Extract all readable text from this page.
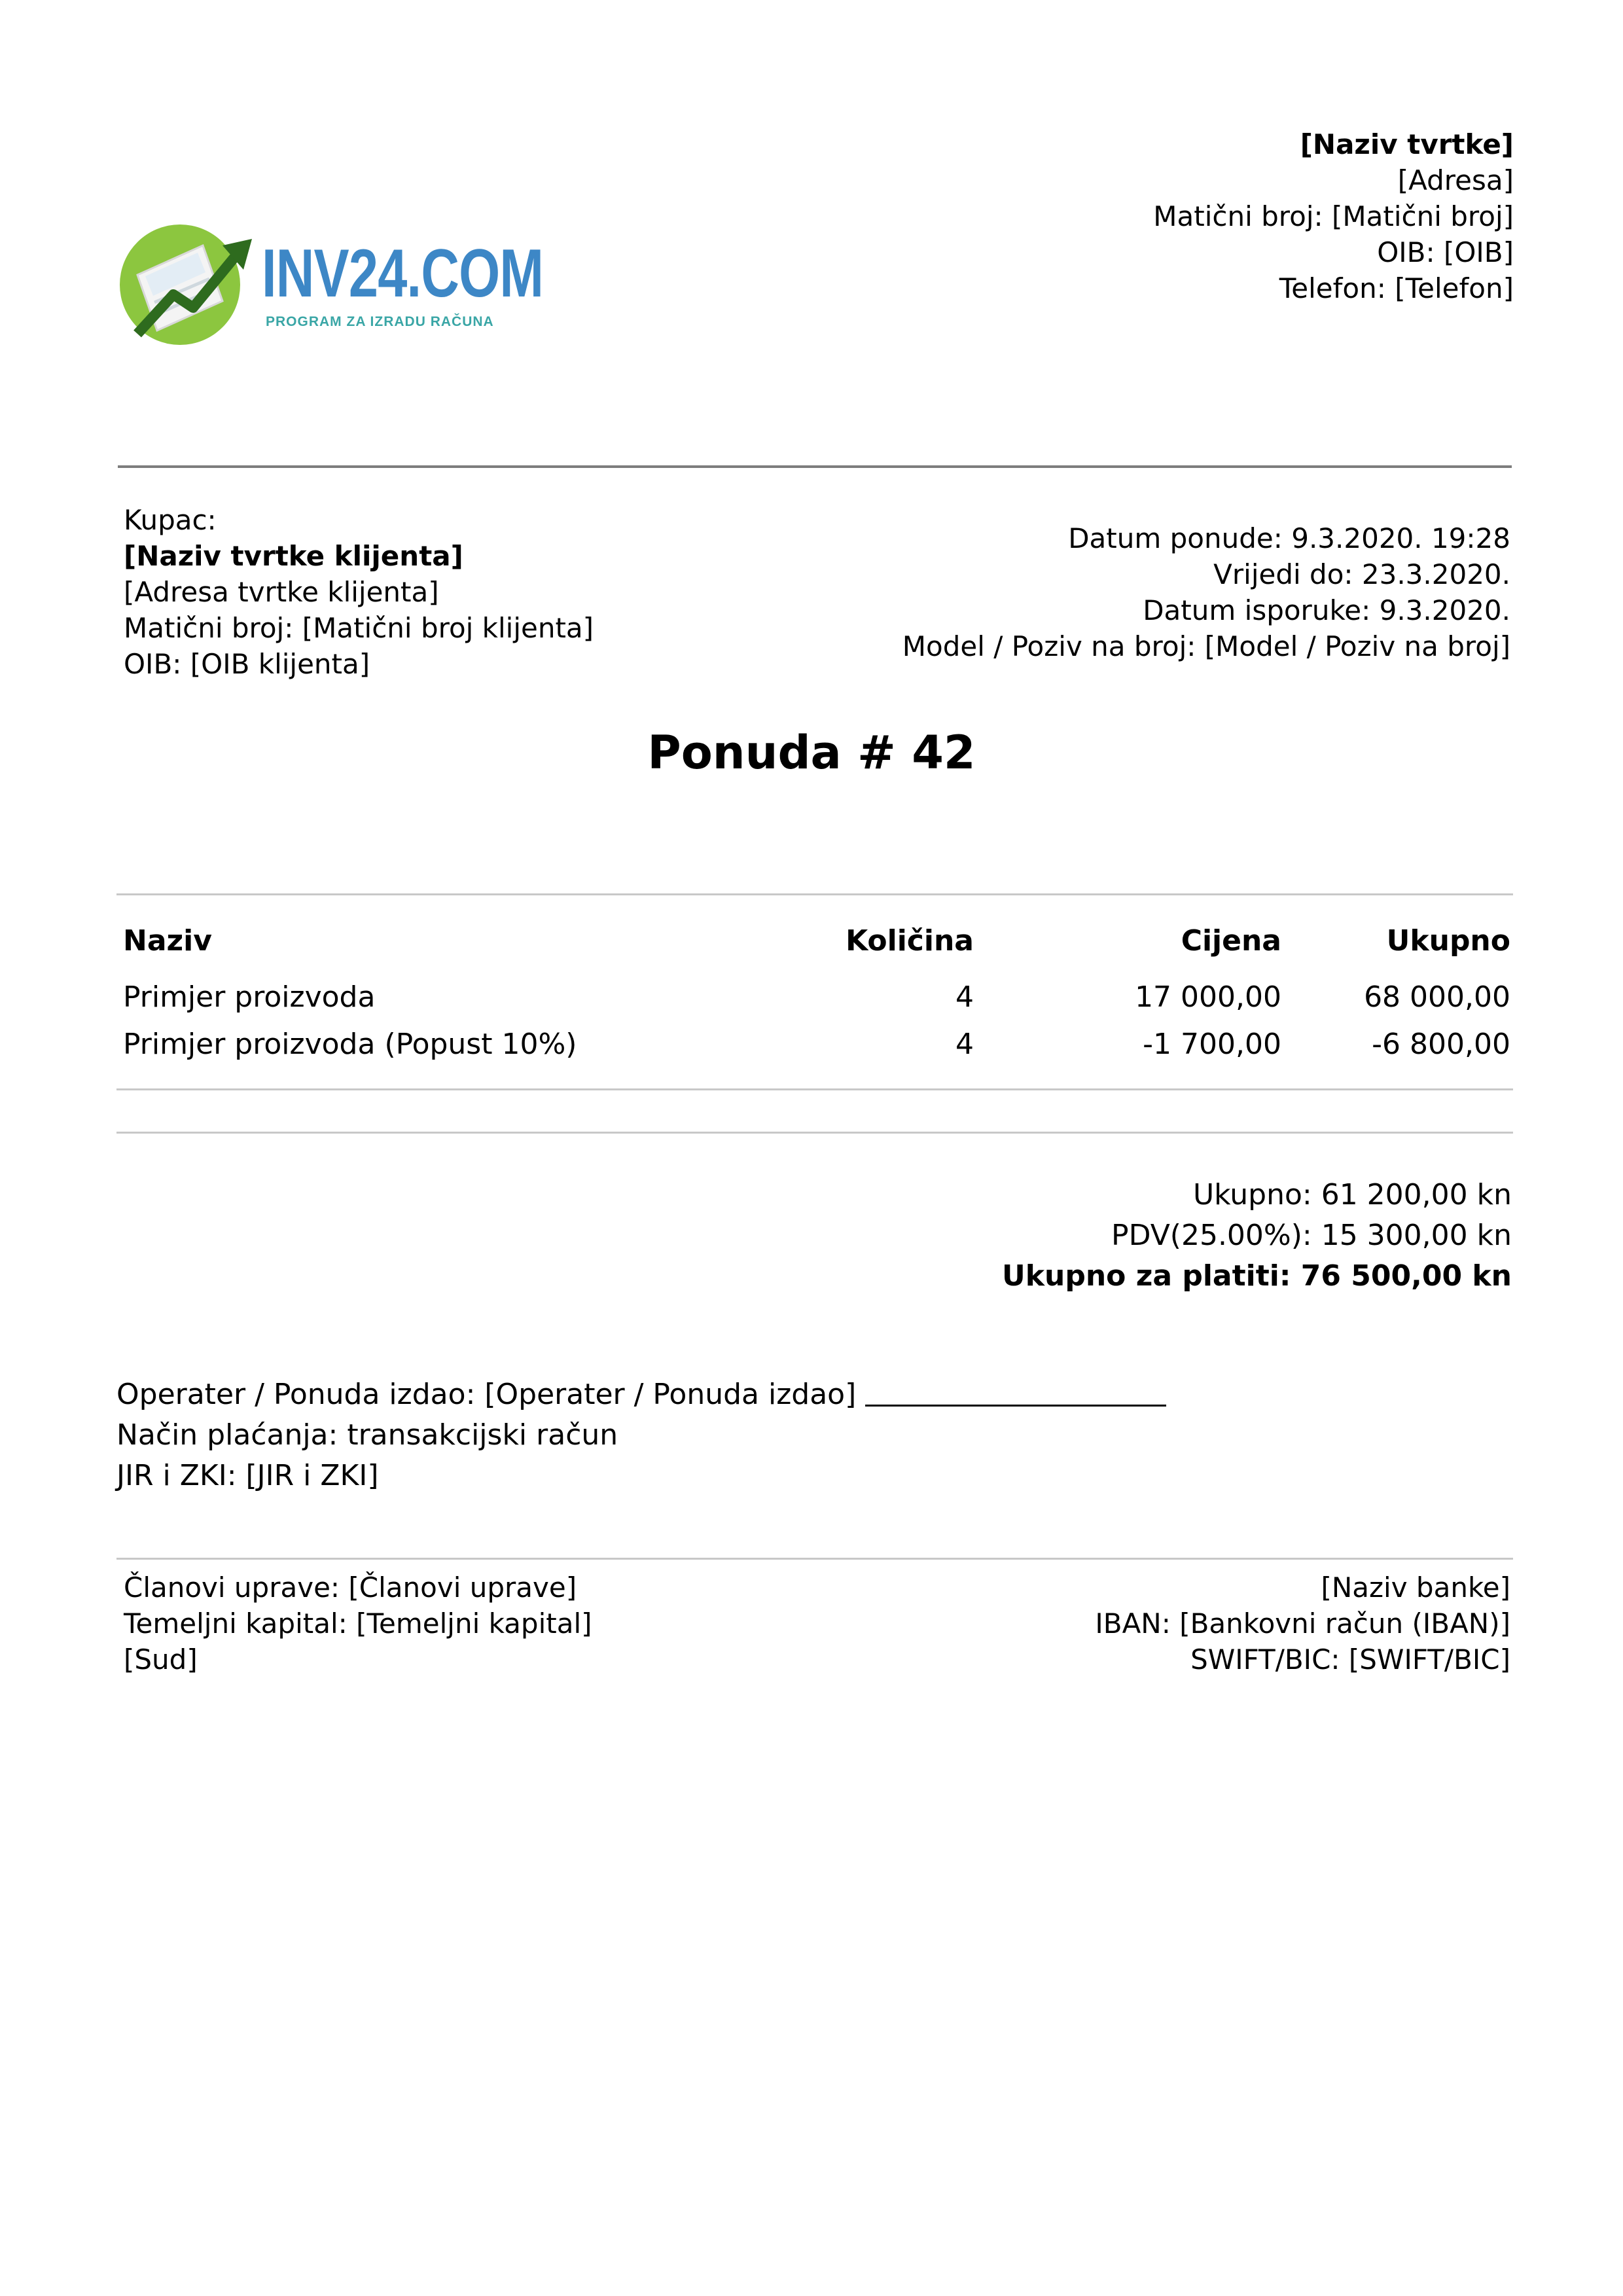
INV24.COM
PROGRAM ZA IZRADU RAČUNA
[Naziv tvrtke]
[Adresa]
Matični broj: [Matični broj]
OIB: [OIB]
Telefon: [Telefon]
Kupac:
[Naziv tvrtke klijenta]
[Adresa tvrtke klijenta]
Matični broj: [Matični broj klijenta]
OIB: [OIB klijenta]
Datum ponude: 9.3.2020. 19:28
Vrijedi do: 23.3.2020.
Datum isporuke: 9.3.2020.
Model / Poziv na broj: [Model / Poziv na broj]
Ponuda # 42
Naziv	Količina	Cijena	Ukupno
Primjer proizvoda	4	17 000,00	68 000,00
Primjer proizvoda (Popust 10%)	4	-1 700,00	-6 800,00
Ukupno: 61 200,00 kn
PDV(25.00%): 15 300,00 kn
Ukupno za platiti: 76 500,00 kn
Operater / Ponuda izdao: [Operater / Ponuda izdao]
Način plaćanja: transakcijski račun
JIR i ZKI: [JIR i ZKI]
Članovi uprave: [Članovi uprave]
Temeljni kapital: [Temeljni kapital]
[Sud]
[Naziv banke]
IBAN: [Bankovni račun (IBAN)]
SWIFT/BIC: [SWIFT/BIC]
